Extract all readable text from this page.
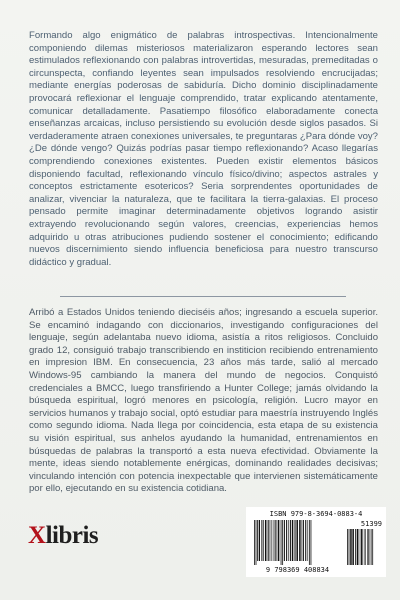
Formando algo enigmático de palabras introspectivas. Intencionalmente componiendo dilemas misteriosos materializaron esperando lectores sean estimulados reflexionando con palabras introvertidas, mesuradas, premeditadas o circunspecta, confiando leyentes sean impulsados resolviendo encrucijadas; mediante energías poderosas de sabiduría. Dicho dominio disciplinadamente provocará reflexionar el lenguaje comprendido, tratar explicando atentamente, comunicar detalladamente. Pasatiempo filosófico elaboradamente conecta enseñanzas arcaicas, incluso persistiendo su evolución desde siglos pasados. Si verdaderamente atraen conexiones universales, te preguntaras ¿Para dónde voy? ¿De dónde vengo? Quizás podrías pasar tiempo reflexionando? Acaso llegarías comprendiendo conexiones existentes. Pueden existir elementos básicos disponiendo facultad, reflexionando vínculo físico/divino; aspectos astrales y conceptos estrictamente esotericos? Seria sorprendentes oportunidades de analizar, vivenciar la naturaleza, que te facilitara la tierra-galaxias. El proceso pensado permite imaginar determinadamente objetivos logrando asistir extrayendo revolucionando según valores, creencias, experiencias hemos adquirido u otras atribuciones pudiendo sostener el conocimiento; edificando nuevos discernimiento siendo influencia beneficiosa para nuestro transcurso didáctico y gradual.

Arribó a Estados Unidos teniendo dieciséis años; ingresando a escuela superior. Se encaminó indagando con diccionarios, investigando configuraciones del lenguaje, según adelantaba nuevo idioma, asistía a ritos religiosos. Concluido grado 12, consiguió trabajo transcribiendo en institicion recibiendo entrenamiento en impresion IBM. En consecuencia, 23 años más tarde, salió al mercado Windows-95 cambiando la manera del mundo de negocios. Conquistó credenciales a BMCC, luego transfiriendo a Hunter College; jamás olvidando la búsqueda espiritual, logró menores en psicología, religión. Lucro mayor en servicios humanos y trabajo social, optó estudiar para maestría instruyendo Inglés como segundo idioma. Nada llega por coincidencia, esta etapa de su existencia su visión espiritual, sus anhelos ayudando la humanidad, entrenamientos en búsquedas de palabras la transportó a esta nueva efectividad. Obviamente la mente, ideas siendo notablemente enérgicas, dominando realidades decisivas; vinculando intención con potencia inexpectable que intervienen sistemáticamente por ello, ejecutando en su existencia cotidiana.

Xlibris
ISBN 979-8-3694-0883-4
51399
9 798369 408834
